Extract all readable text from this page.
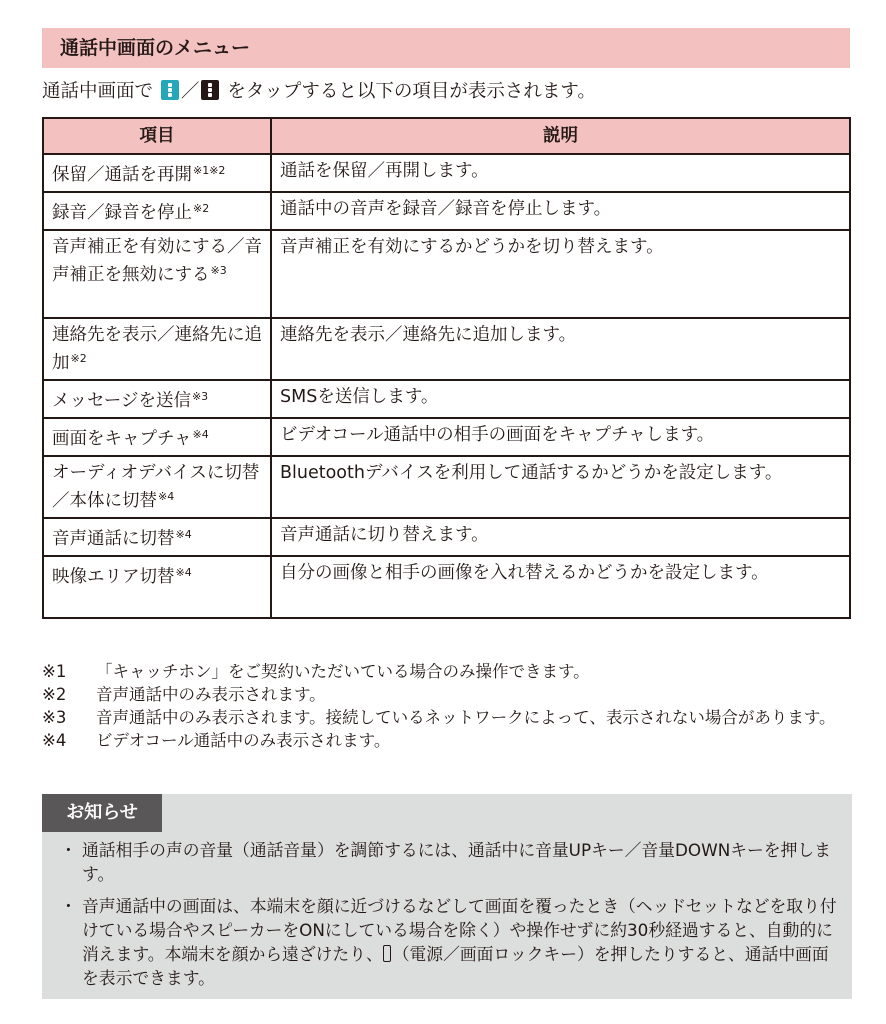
通話中画面のメニュー
通話中画面で ／ をタップすると以下の項目が表示されます。
項目	説明
保留／通話を再開$^{※1※2}$	通話を保留／再開します。
録音／録音を停止$^{※2}$	通話中の音声を録音／録音を停止します。
音声補正を有効にする／音声補正を無効にする$^{※3}$	音声補正を有効にするかどうかを切り替えます。
連絡先を表示／連絡先に追加$^{※2}$	連絡先を表示／連絡先に追加します。
メッセージを送信$^{※3}$	SMSを送信します。
画面をキャプチャ$^{※4}$	ビデオコール通話中の相手の画面をキャプチャします。
オーディオデバイスに切替／本体に切替$^{※4}$	Bluetoothデバイスを利用して通話するかどうかを設定します。
音声通話に切替$^{※4}$	音声通話に切り替えます。
映像エリア切替$^{※4}$	自分の画像と相手の画像を入れ替えるかどうかを設定します。
※1	「キャッチホン」をご契約いただいている場合のみ操作できます。
※2	音声通話中のみ表示されます。
※3	音声通話中のみ表示されます。接続しているネットワークによって、表示されない場合があります。
※4	ビデオコール通話中のみ表示されます。
お知らせ
・ 通話相手の声の音量（通話音量）を調節するには、通話中に音量UPキー／音量DOWNキーを押します。
・ 音声通話中の画面は、本端末を顔に近づけるなどして画面を覆ったとき（ヘッドセットなどを取り付けている場合やスピーカーをONにしている場合を除く）や操作せずに約30秒経過すると、自動的に消えます。本端末を顔から遠ざけたり、 （電源／画面ロックキー）を押したりすると、通話中画面を表示できます。
